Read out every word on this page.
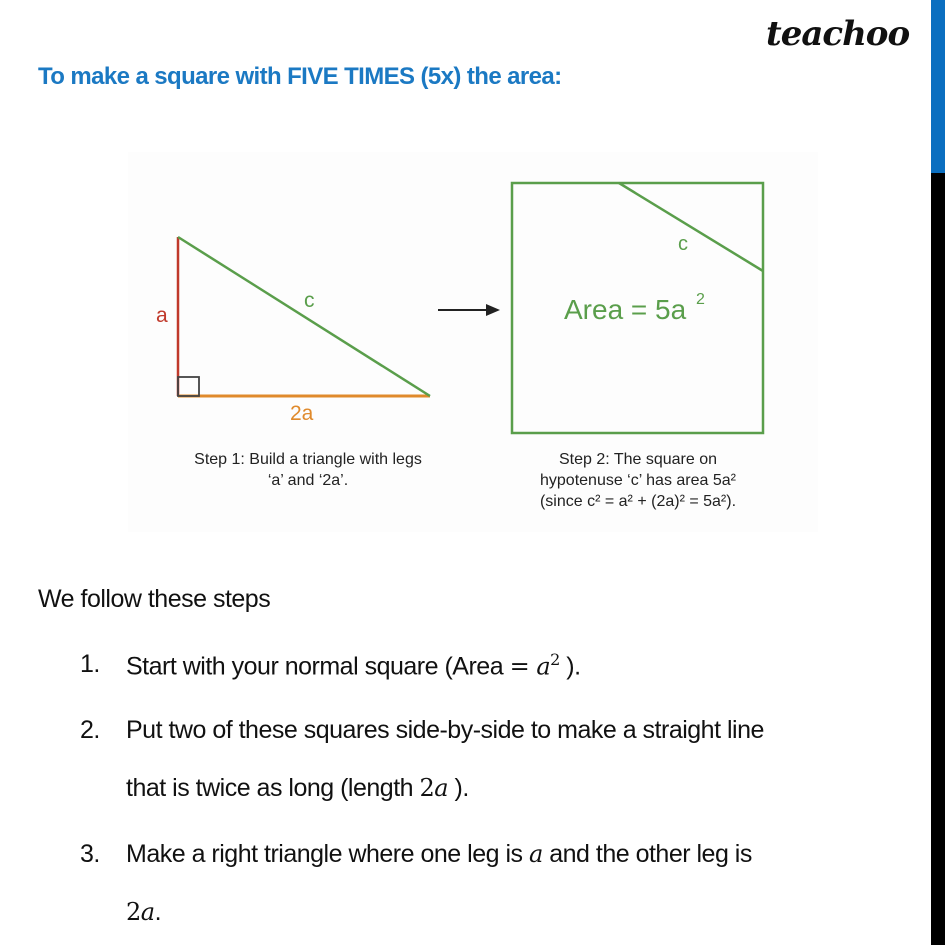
teachoo
To make a square with FIVE TIMES (5x) the area:
a
c
2a
c
Area = 5a 2
Step 1: Build a triangle with legs
‘a’ and ‘2a’.
Step 2: The square on
hypotenuse ‘c’ has area 5a²
(since c² = a² + (2a)² = 5a²).
We follow these steps
1. Start with your normal square (Area = $a^2$ ).
2. Put two of these squares side-by-side to make a straight line
that is twice as long (length 2a ).
3. Make a right triangle where one leg is a and the other leg is
2a.
